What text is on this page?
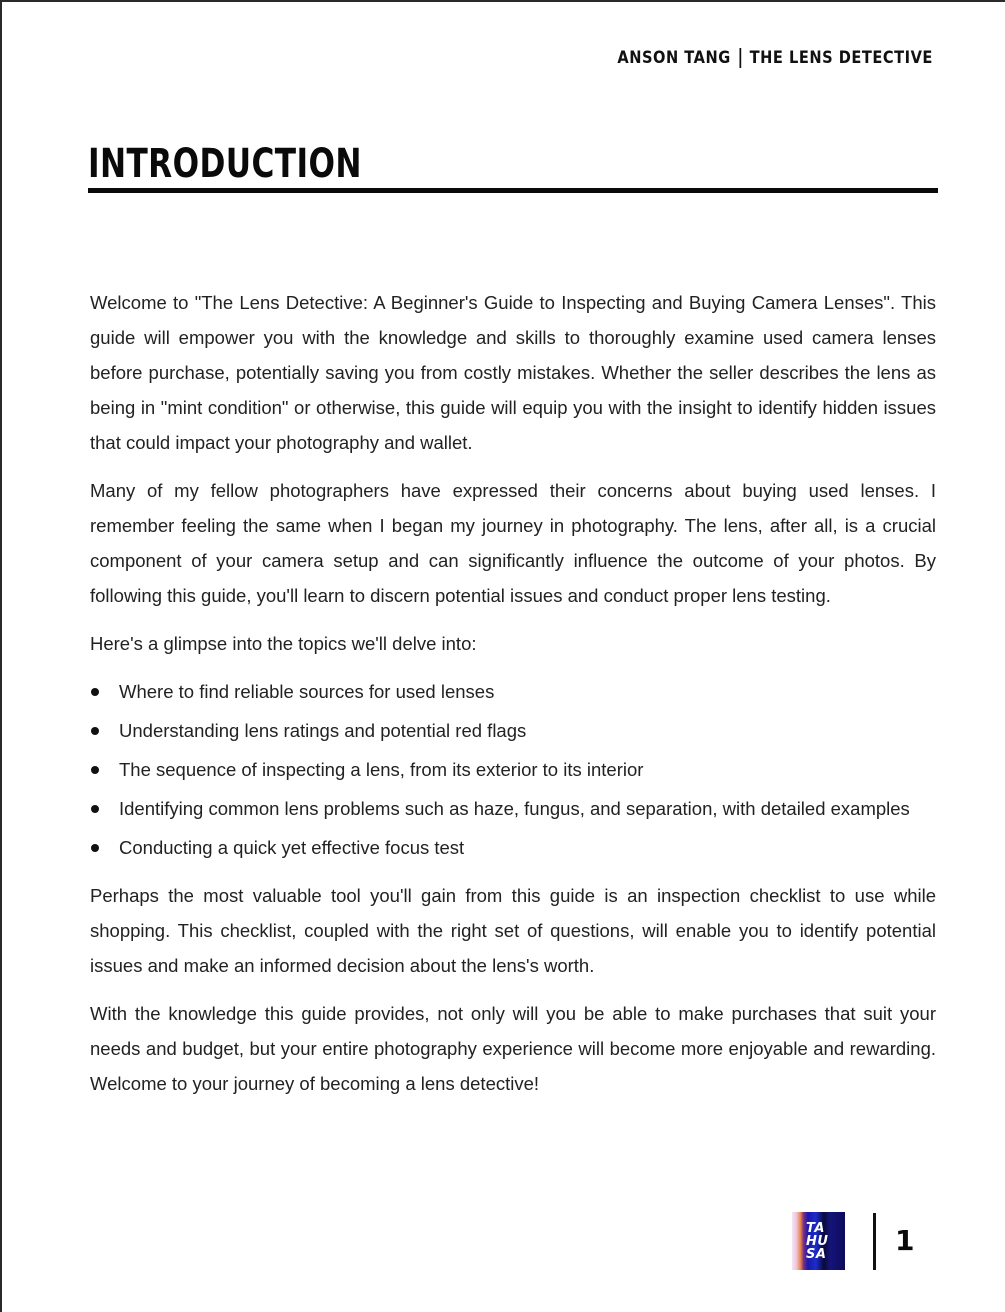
ANSON TANG THE LENS DETECTIVE
INTRODUCTION

Welcome to "The Lens Detective: A Beginner's Guide to Inspecting and Buying Camera Lenses". This guide will empower you with the knowledge and skills to thoroughly examine used camera lenses before purchase, potentially saving you from costly mistakes. Whether the seller describes the lens as being in "mint condition" or otherwise, this guide will equip you with the insight to identify hidden issues that could impact your photography and wallet.

Many of my fellow photographers have expressed their concerns about buying used lenses. I remember feeling the same when I began my journey in photography. The lens, after all, is a crucial component of your camera setup and can significantly influence the outcome of your photos. By following this guide, you'll learn to discern potential issues and conduct proper lens testing.

Here's a glimpse into the topics we'll delve into:

Where to find reliable sources for used lenses
Understanding lens ratings and potential red flags
The sequence of inspecting a lens, from its exterior to its interior
Identifying common lens problems such as haze, fungus, and separation, with detailed examples
Conducting a quick yet effective focus test

Perhaps the most valuable tool you'll gain from this guide is an inspection checklist to use while shopping. This checklist, coupled with the right set of questions, will enable you to identify potential issues and make an informed decision about the lens's worth.

With the knowledge this guide provides, not only will you be able to make purchases that suit your needs and budget, but your entire photography experience will become more enjoyable and rewarding. Welcome to your journey of becoming a lens detective!

TA
HU
SA	1
